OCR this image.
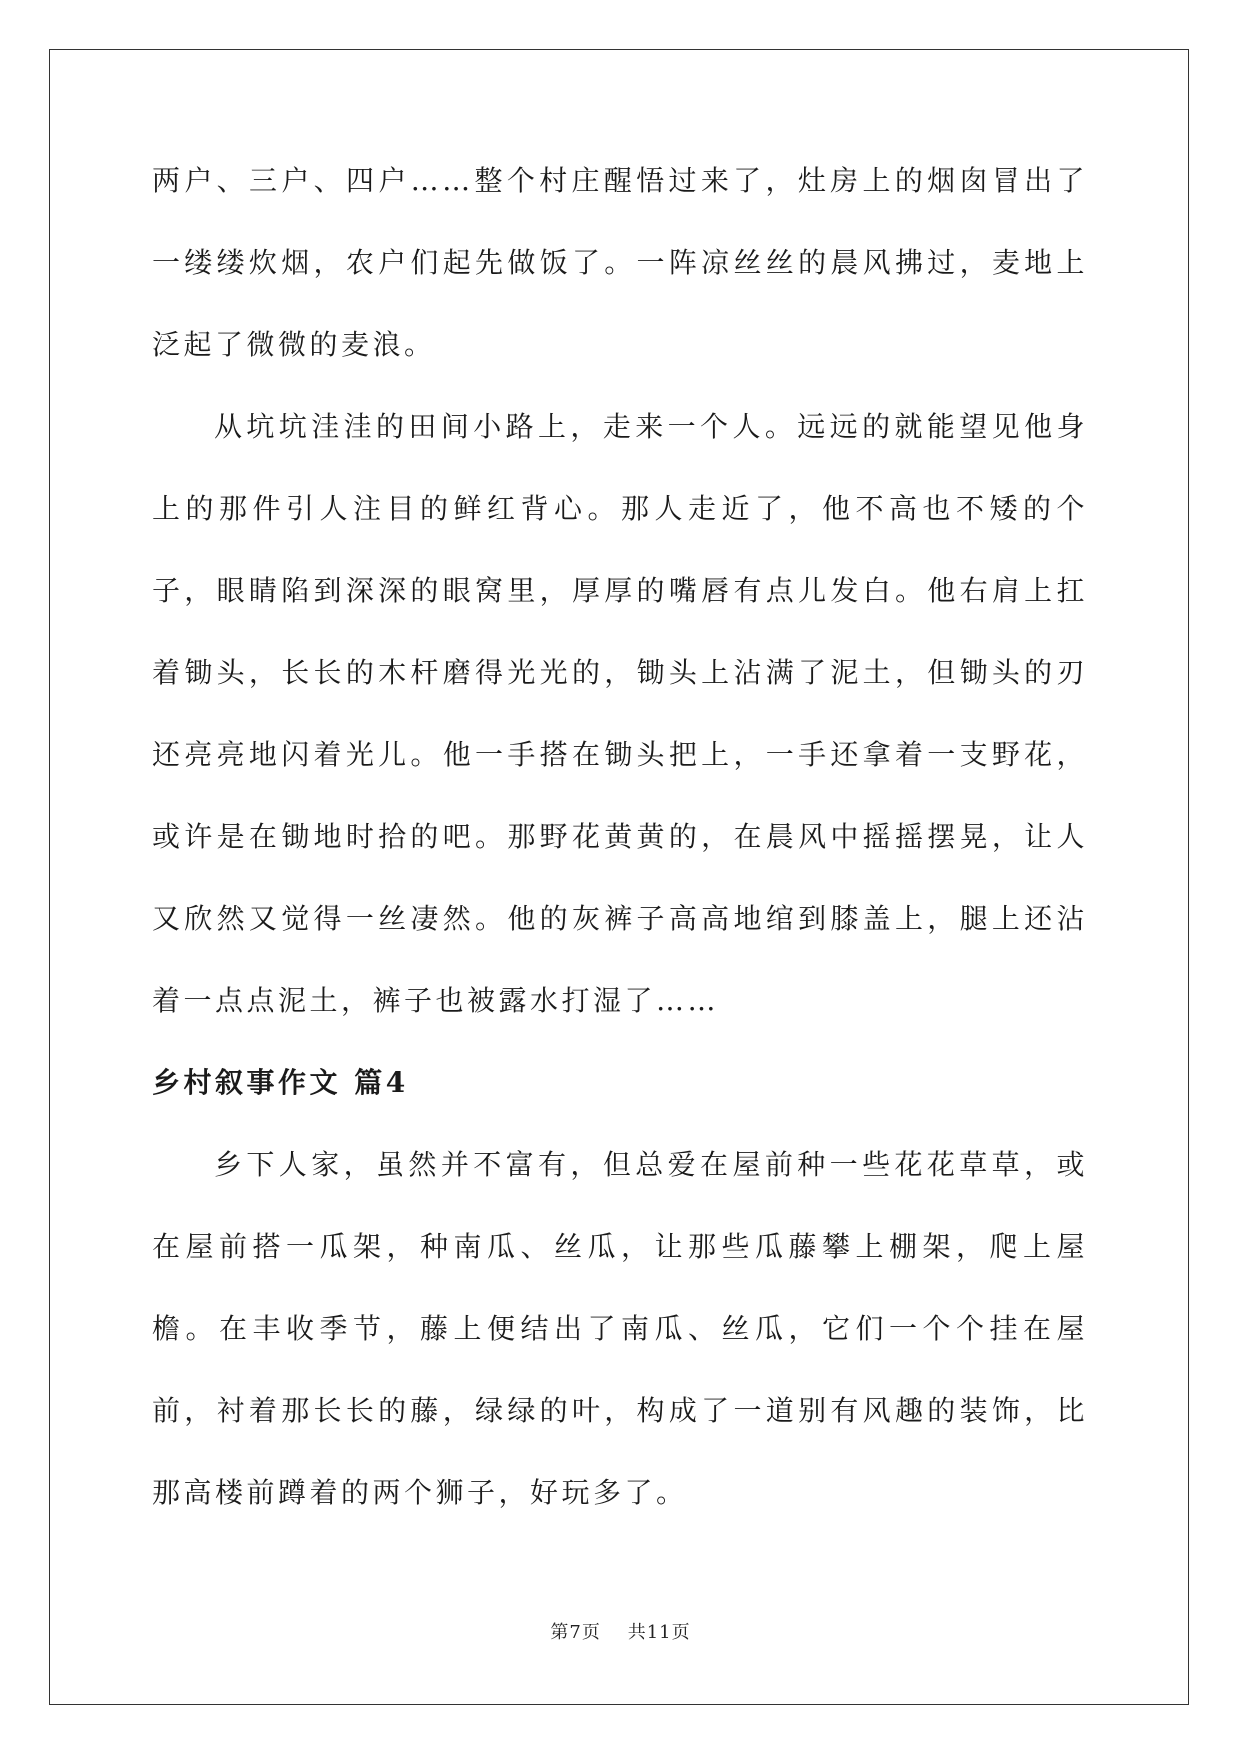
两户、三户、四户……整个村庄醒悟过来了，灶房上的烟囱冒出了一缕缕炊烟，农户们起先做饭了。一阵凉丝丝的晨风拂过，麦地上泛起了微微的麦浪。

从坑坑洼洼的田间小路上，走来一个人。远远的就能望见他身上的那件引人注目的鲜红背心。那人走近了，他不高也不矮的个子，眼睛陷到深深的眼窝里，厚厚的嘴唇有点儿发白。他右肩上扛着锄头，长长的木杆磨得光光的，锄头上沾满了泥土，但锄头的刃还亮亮地闪着光儿。他一手搭在锄头把上，一手还拿着一支野花，或许是在锄地时拾的吧。那野花黄黄的，在晨风中摇摇摆晃，让人又欣然又觉得一丝凄然。他的灰裤子高高地绾到膝盖上，腿上还沾着一点点泥土，裤子也被露水打湿了……

乡村叙事作文 篇4

乡下人家，虽然并不富有，但总爱在屋前种一些花花草草，或在屋前搭一瓜架，种南瓜、丝瓜，让那些瓜藤攀上棚架，爬上屋檐。在丰收季节，藤上便结出了南瓜、丝瓜，它们一个个挂在屋前，衬着那长长的藤，绿绿的叶，构成了一道别有风趣的装饰，比那高楼前蹲着的两个狮子，好玩多了。

第7页 共11页
